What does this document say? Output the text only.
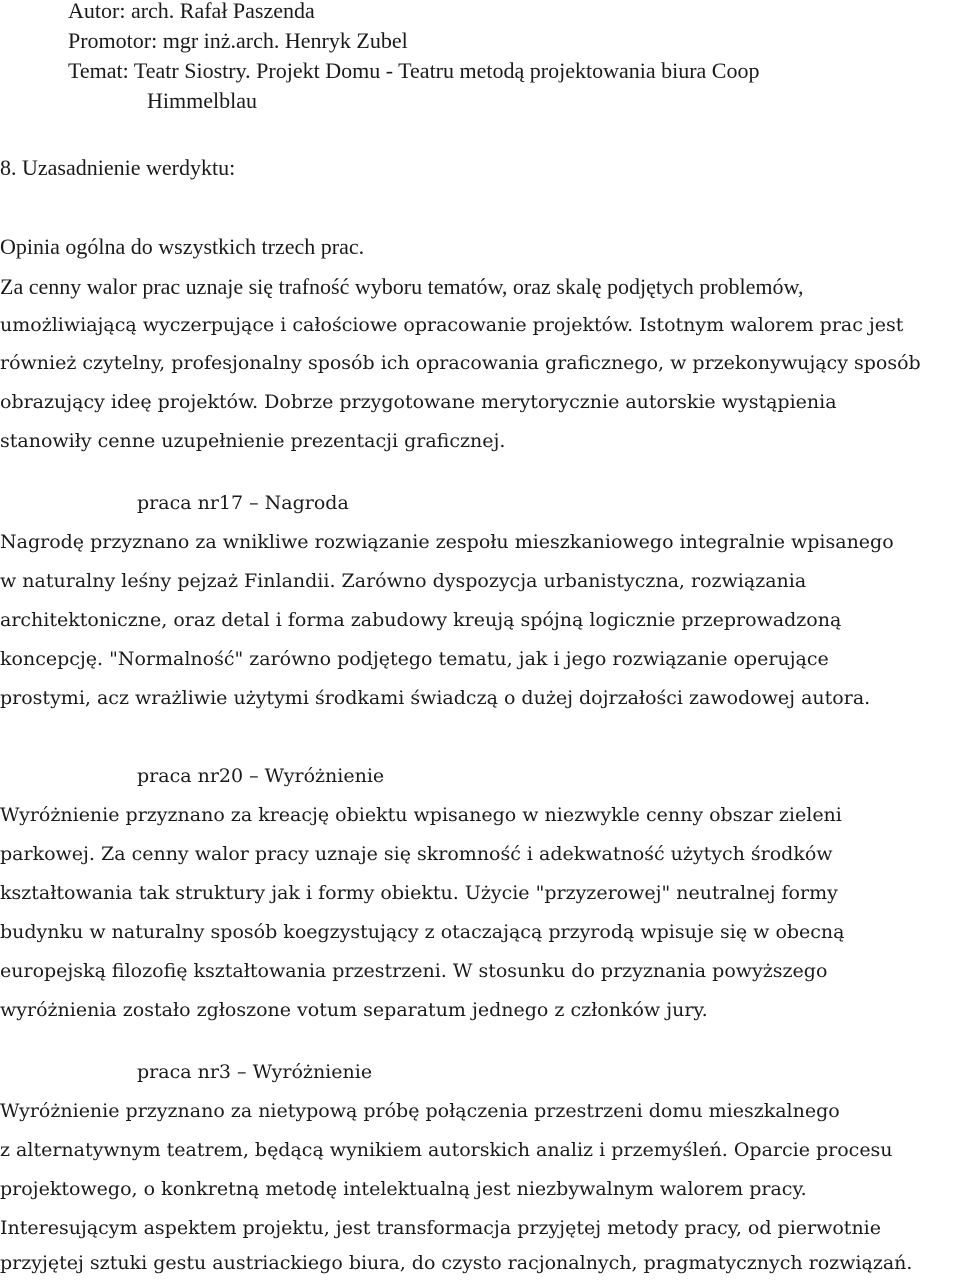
Autor: arch. Rafał Paszenda
Promotor: mgr inż.arch. Henryk Zubel
Temat: Teatr Siostry. Projekt Domu - Teatru metodą projektowania biura Coop
Himmelblau
8. Uzasadnienie werdyktu:
Opinia ogólna do wszystkich trzech prac.
Za cenny walor prac uznaje się trafność wyboru tematów, oraz skalę podjętych problemów,
umożliwiającą wyczerpujące i całościowe opracowanie projektów. Istotnym walorem prac jest
również czytelny, profesjonalny sposób ich opracowania graficznego, w przekonywujący sposób
obrazujący ideę projektów. Dobrze przygotowane merytorycznie autorskie wystąpienia
stanowiły cenne uzupełnienie prezentacji graficznej.
praca nr17 – Nagroda
Nagrodę przyznano za wnikliwe rozwiązanie zespołu mieszkaniowego integralnie wpisanego
w naturalny leśny pejzaż Finlandii. Zarówno dyspozycja urbanistyczna, rozwiązania
architektoniczne, oraz detal i forma zabudowy kreują spójną logicznie przeprowadzoną
koncepcję. "Normalność" zarówno podjętego tematu, jak i jego rozwiązanie operujące
prostymi, acz wrażliwie użytymi środkami świadczą o dużej dojrzałości zawodowej autora.
praca nr20 – Wyróżnienie
Wyróżnienie przyznano za kreację obiektu wpisanego w niezwykle cenny obszar zieleni
parkowej. Za cenny walor pracy uznaje się skromność i adekwatność użytych środków
kształtowania tak struktury jak i formy obiektu. Użycie "przyzerowej" neutralnej formy
budynku w naturalny sposób koegzystujący z otaczającą przyrodą wpisuje się w obecną
europejską filozofię kształtowania przestrzeni. W stosunku do przyznania powyższego
wyróżnienia zostało zgłoszone votum separatum jednego z członków jury.
praca nr3 – Wyróżnienie
Wyróżnienie przyznano za nietypową próbę połączenia przestrzeni domu mieszkalnego
z alternatywnym teatrem, będącą wynikiem autorskich analiz i przemyśleń. Oparcie procesu
projektowego, o konkretną metodę intelektualną jest niezbywalnym walorem pracy.
Interesującym aspektem projektu, jest transformacja przyjętej metody pracy, od pierwotnie
przyjętej sztuki gestu austriackiego biura, do czysto racjonalnych, pragmatycznych rozwiązań.
